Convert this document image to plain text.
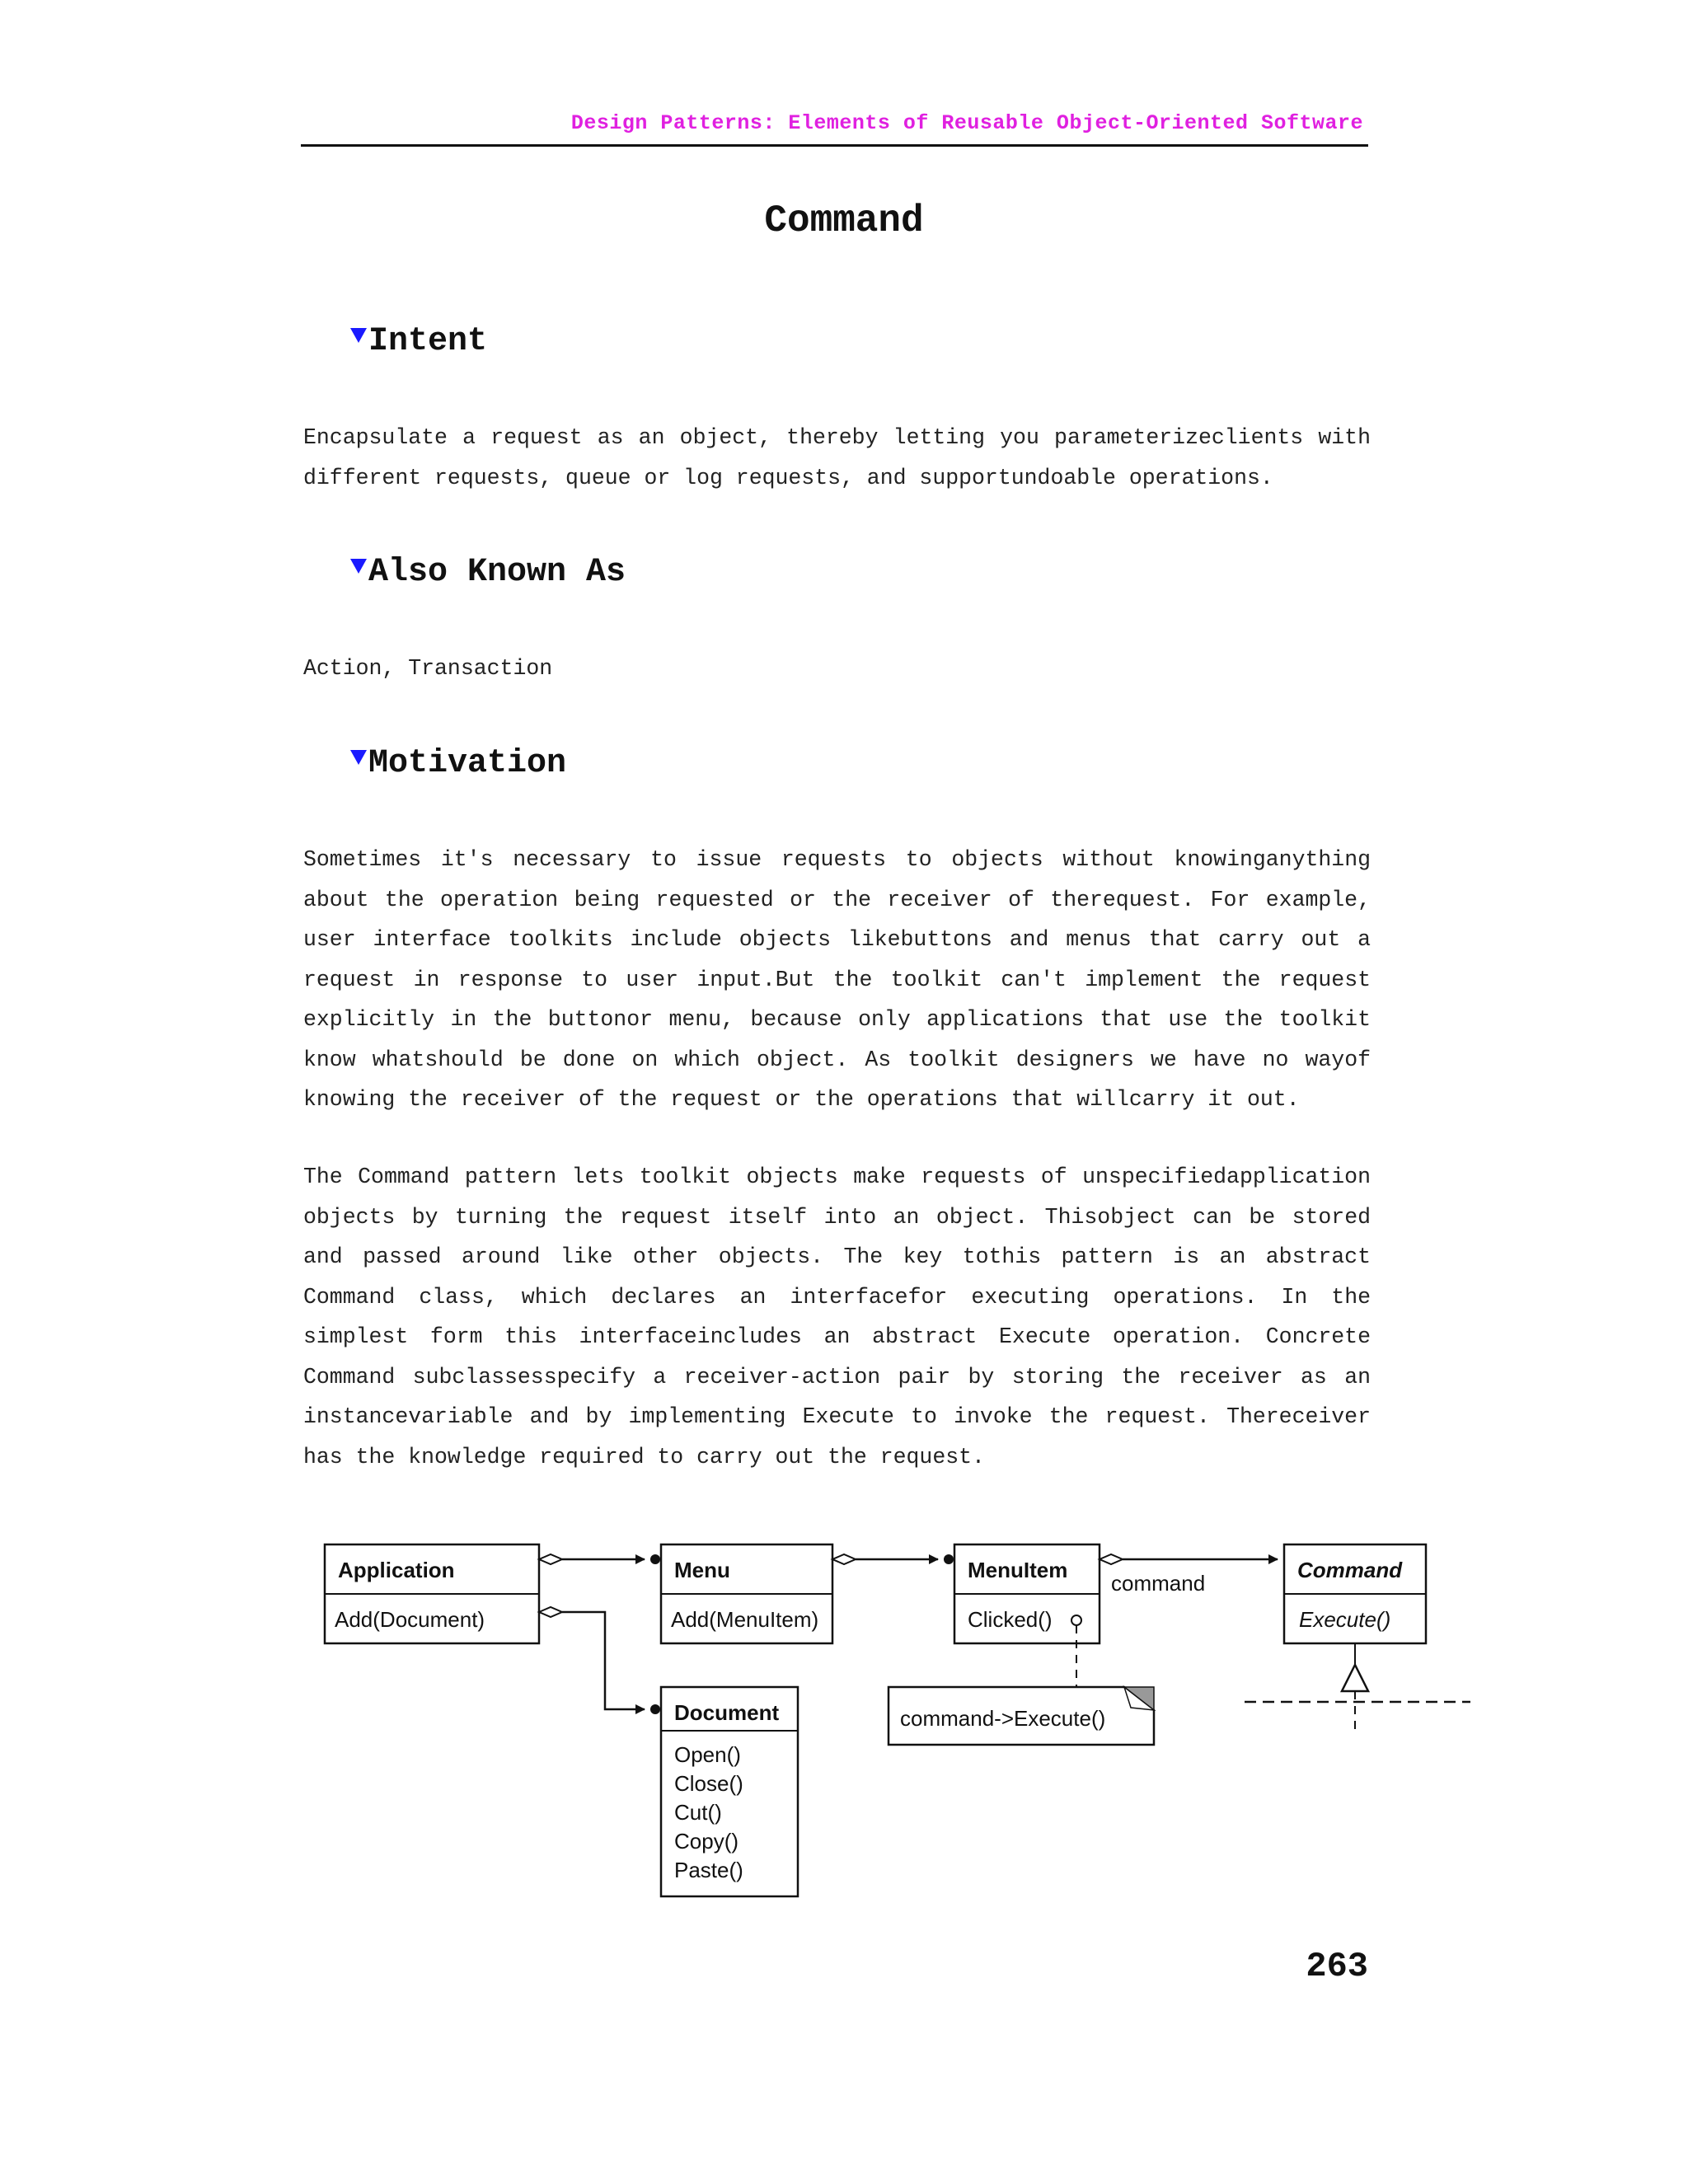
Design Patterns: Elements of Reusable Object-Oriented Software
Command
Intent

Encapsulate a request as an object, thereby letting you parameterizeclients with different requests, queue or log requests, and supportundoable operations.

Also Known As

Action, Transaction

Motivation

Sometimes it's necessary to issue requests to objects without knowinganything about the operation being requested or the receiver of therequest. For example, user interface toolkits include objects likebuttons and menus that carry out a request in response to user input.But the toolkit can't implement the request explicitly in the buttonor menu, because only applications that use the toolkit know whatshould be done on which object. As toolkit designers we have no wayof knowing the receiver of the request or the operations that willcarry it out.

The Command pattern lets toolkit objects make requests of unspecifiedapplication objects by turning the request itself into an object. Thisobject can be stored and passed around like other objects. The key tothis pattern is an abstract Command class, which declares an interfacefor executing operations. In the simplest form this interfaceincludes an abstract Execute operation. Concrete Command subclassesspecify a receiver-action pair by storing the receiver as an instancevariable and by implementing Execute to invoke the request. Thereceiver has the knowledge required to carry out the request.

Application
Add(Document)
Menu
Add(MenuItem)
MenuItem
Clicked()
Command
Execute()
Document
Open()
Close()
Cut()
Copy()
Paste()
command
command->Execute()
263
